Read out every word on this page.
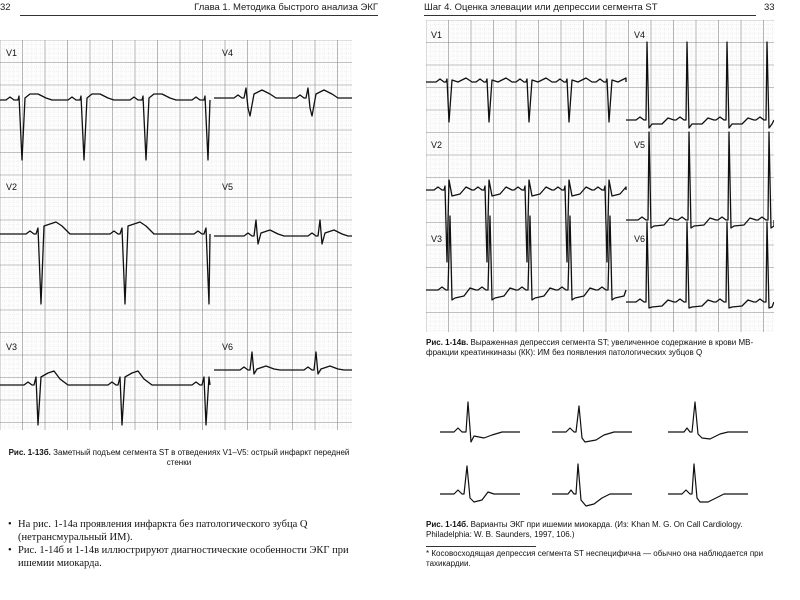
32	Глава 1. Методика быстрого анализа ЭКГ
V1
V2
V3
V4
V5
V6
Рис. 1-13б. Заметный подъем сегмента ST в отведениях V1–V5: острый инфаркт передней стенки
• На рис. 1-14а проявления инфаркта без патологического зубца Q (нетрансмуральный ИМ).
• Рис. 1-14б и 1-14в иллюстрируют диагностические особенности ЭКГ при ишемии миокарда.
Шаг 4. Оценка элевации или депрессии сегмента ST	33
V1
V2
V3
V4
V5
V6
Рис. 1-14в. Выраженная депрессия сегмента ST; увеличенное содержание в крови МВ-фракции креатинкиназы (КК): ИМ без появления патологических зубцов Q
Рис. 1-14б. Варианты ЭКГ при ишемии миокарда. (Из: Khan M. G. On Call Cardiology. Philadelphia: W. B. Saunders, 1997, 106.)
* Косовосходящая депрессия сегмента ST неспецифична — обычно она наблюдается при тахикардии.
